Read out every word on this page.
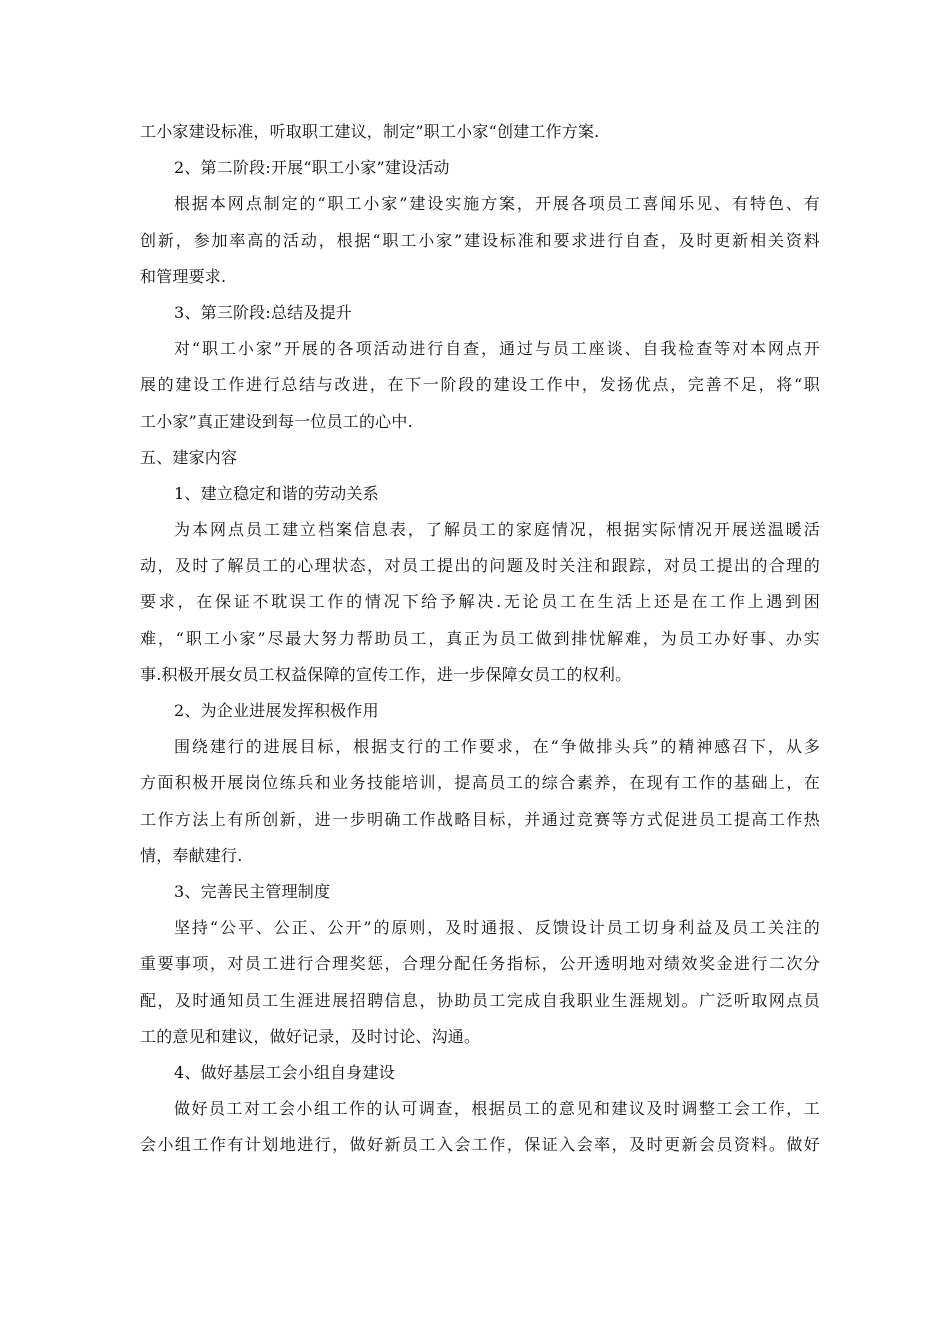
工小家建设标准，听取职工建议，制定”职工小家“创建工作方案.
2、第二阶段:开展“职工小家”建设活动
根据本网点制定的“职工小家”建设实施方案，开展各项员工喜闻乐见、有特色、有
创新，参加率高的活动，根据“职工小家”建设标准和要求进行自查，及时更新相关资料
和管理要求.
3、第三阶段:总结及提升
对“职工小家”开展的各项活动进行自查，通过与员工座谈、自我检查等对本网点开
展的建设工作进行总结与改进，在下一阶段的建设工作中，发扬优点，完善不足，将“职
工小家”真正建设到每一位员工的心中.
五、建家内容
1、建立稳定和谐的劳动关系
为本网点员工建立档案信息表，了解员工的家庭情况，根据实际情况开展送温暖活
动，及时了解员工的心理状态，对员工提出的问题及时关注和跟踪，对员工提出的合理的
要求，在保证不耽误工作的情况下给予解决.无论员工在生活上还是在工作上遇到困
难，“职工小家”尽最大努力帮助员工，真正为员工做到排忧解难，为员工办好事、办实
事.积极开展女员工权益保障的宣传工作，进一步保障女员工的权利。
2、为企业进展发挥积极作用
围绕建行的进展目标，根据支行的工作要求，在“争做排头兵”的精神感召下，从多
方面积极开展岗位练兵和业务技能培训，提高员工的综合素养，在现有工作的基础上，在
工作方法上有所创新，进一步明确工作战略目标，并通过竞赛等方式促进员工提高工作热
情，奉献建行.
3、完善民主管理制度
坚持“公平、公正、公开”的原则，及时通报、反馈设计员工切身利益及员工关注的
重要事项，对员工进行合理奖惩，合理分配任务指标，公开透明地对绩效奖金进行二次分
配，及时通知员工生涯进展招聘信息，协助员工完成自我职业生涯规划。广泛听取网点员
工的意见和建议，做好记录，及时讨论、沟通。
4、做好基层工会小组自身建设
做好员工对工会小组工作的认可调查，根据员工的意见和建议及时调整工会工作，工
会小组工作有计划地进行，做好新员工入会工作，保证入会率，及时更新会员资料。做好
